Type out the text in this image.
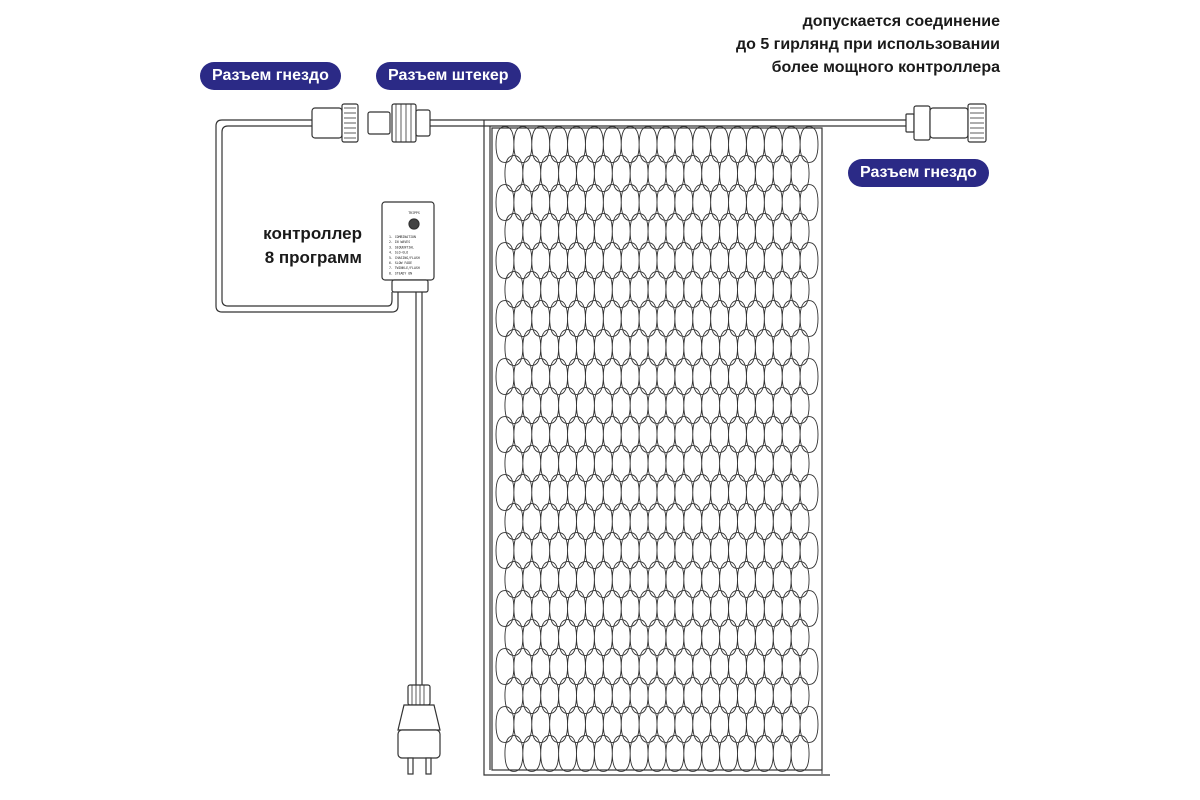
TRIPPS
1. COMBINATION
2. IN WAVES
3. SEQUENTIAL
4. SLO-GLO
5. CHASING/FLASH
6. SLOW FADE
7. TWINKLE/FLASH
8. STEADY ON
Разъем гнездо	Разъем штекер
Разъем гнездо
допускается соединение
до 5 гирлянд при использовании
более мощного контроллера
контроллер
8 программ
